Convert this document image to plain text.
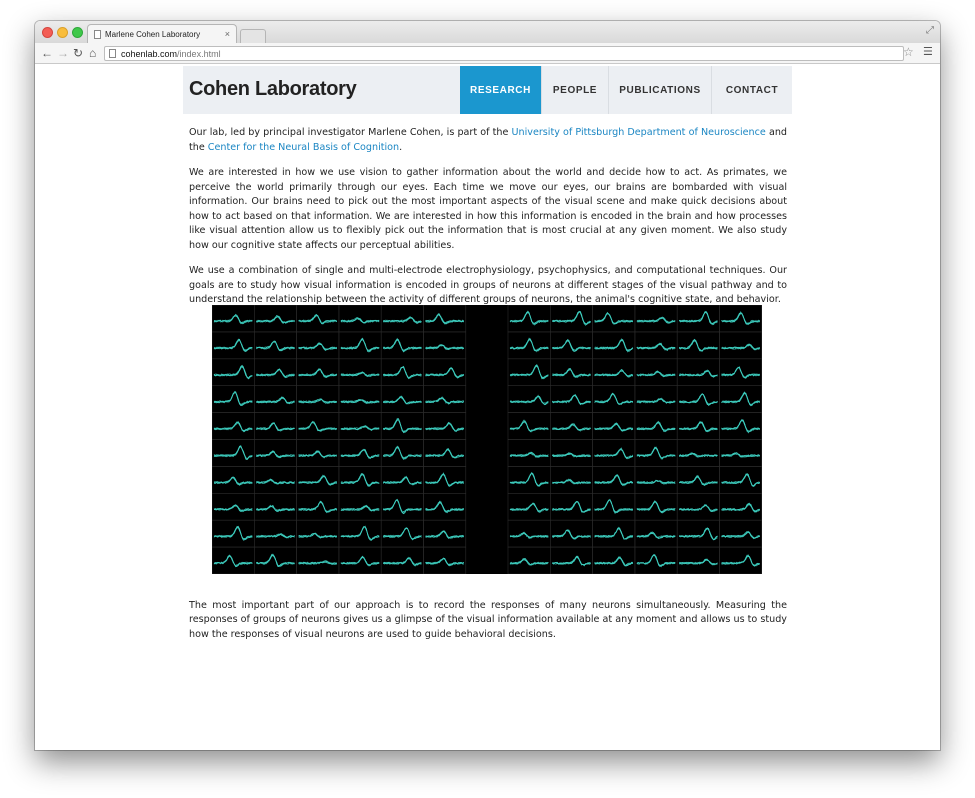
Marlene Cohen Laboratory	×	⤢
← → ↻ ⌂	cohenlab.com /index.html	☆ ☰
Cohen Laboratory	RESEARCH	PEOPLE	PUBLICATIONS	CONTACT

Our lab, led by principal investigator Marlene Cohen, is part of the University of Pittsburgh Department of Neuroscience and the Center for the Neural Basis of Cognition.

We are interested in how we use vision to gather information about the world and decide how to act. As primates, we perceive the world primarily through our eyes. Each time we move our eyes, our brains are bombarded with visual information. Our brains need to pick out the most important aspects of the visual scene and make quick decisions about how to act based on that information. We are interested in how this information is encoded in the brain and how processes like visual attention allow us to flexibly pick out the information that is most crucial at any given moment. We also study how our cognitive state affects our perceptual abilities.

We use a combination of single and multi-electrode electrophysiology, psychophysics, and computational techniques. Our goals are to study how visual information is encoded in groups of neurons at different stages of the visual pathway and to understand the relationship between the activity of different groups of neurons, the animal's cognitive state, and behavior.

The most important part of our approach is to record the responses of many neurons simultaneously. Measuring the responses of groups of neurons gives us a glimpse of the visual information available at any moment and allows us to study how the responses of visual neurons are used to guide behavioral decisions.
